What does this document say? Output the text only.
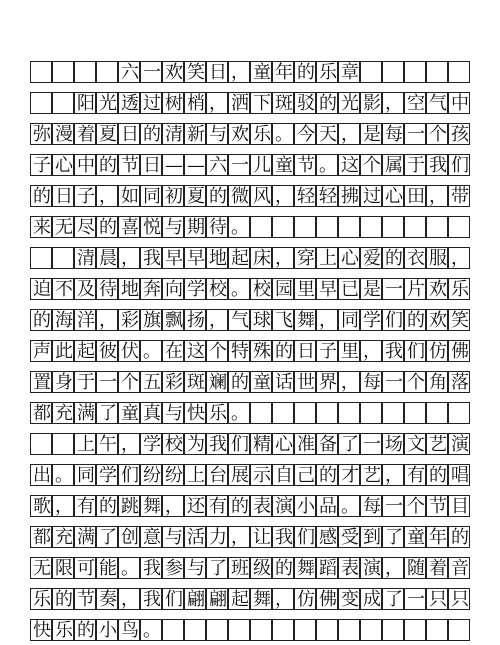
六 一 欢 笑 日 ， 童 年 的 乐 章
阳 光 透 过 树 梢 ， 洒 下 斑 驳 的 光 影 ， 空 气 中
弥 漫 着 夏 日 的 清 新 与 欢 乐 。 今 天 ， 是 每 一 个 孩
子 心 中 的 节 日 — — 六 一 儿 童 节 。 这 个 属 于 我 们
的 日 子 ， 如 同 初 夏 的 微 风 ， 轻 轻 拂 过 心 田 ， 带
来 无 尽 的 喜 悦 与 期 待 。
清 晨 ， 我 早 早 地 起 床 ， 穿 上 心 爱 的 衣 服 ，
迫 不 及 待 地 奔 向 学 校 。 校 园 里 早 已 是 一 片 欢 乐
的 海 洋 ， 彩 旗 飘 扬 ， 气 球 飞 舞 ， 同 学 们 的 欢 笑
声 此 起 彼 伏 。 在 这 个 特 殊 的 日 子 里 ， 我 们 仿 佛
置 身 于 一 个 五 彩 斑 斓 的 童 话 世 界 ， 每 一 个 角 落
都 充 满 了 童 真 与 快 乐 。
上 午 ， 学 校 为 我 们 精 心 准 备 了 一 场 文 艺 演
出 。 同 学 们 纷 纷 上 台 展 示 自 己 的 才 艺 ， 有 的 唱
歌 ， 有 的 跳 舞 ， 还 有 的 表 演 小 品 。 每 一 个 节 目
都 充 满 了 创 意 与 活 力 ， 让 我 们 感 受 到 了 童 年 的
无 限 可 能 。 我 参 与 了 班 级 的 舞 蹈 表 演 ， 随 着 音
乐 的 节 奏 ， 我 们 翩 翩 起 舞 ， 仿 佛 变 成 了 一 只 只
快 乐 的 小 鸟 。
